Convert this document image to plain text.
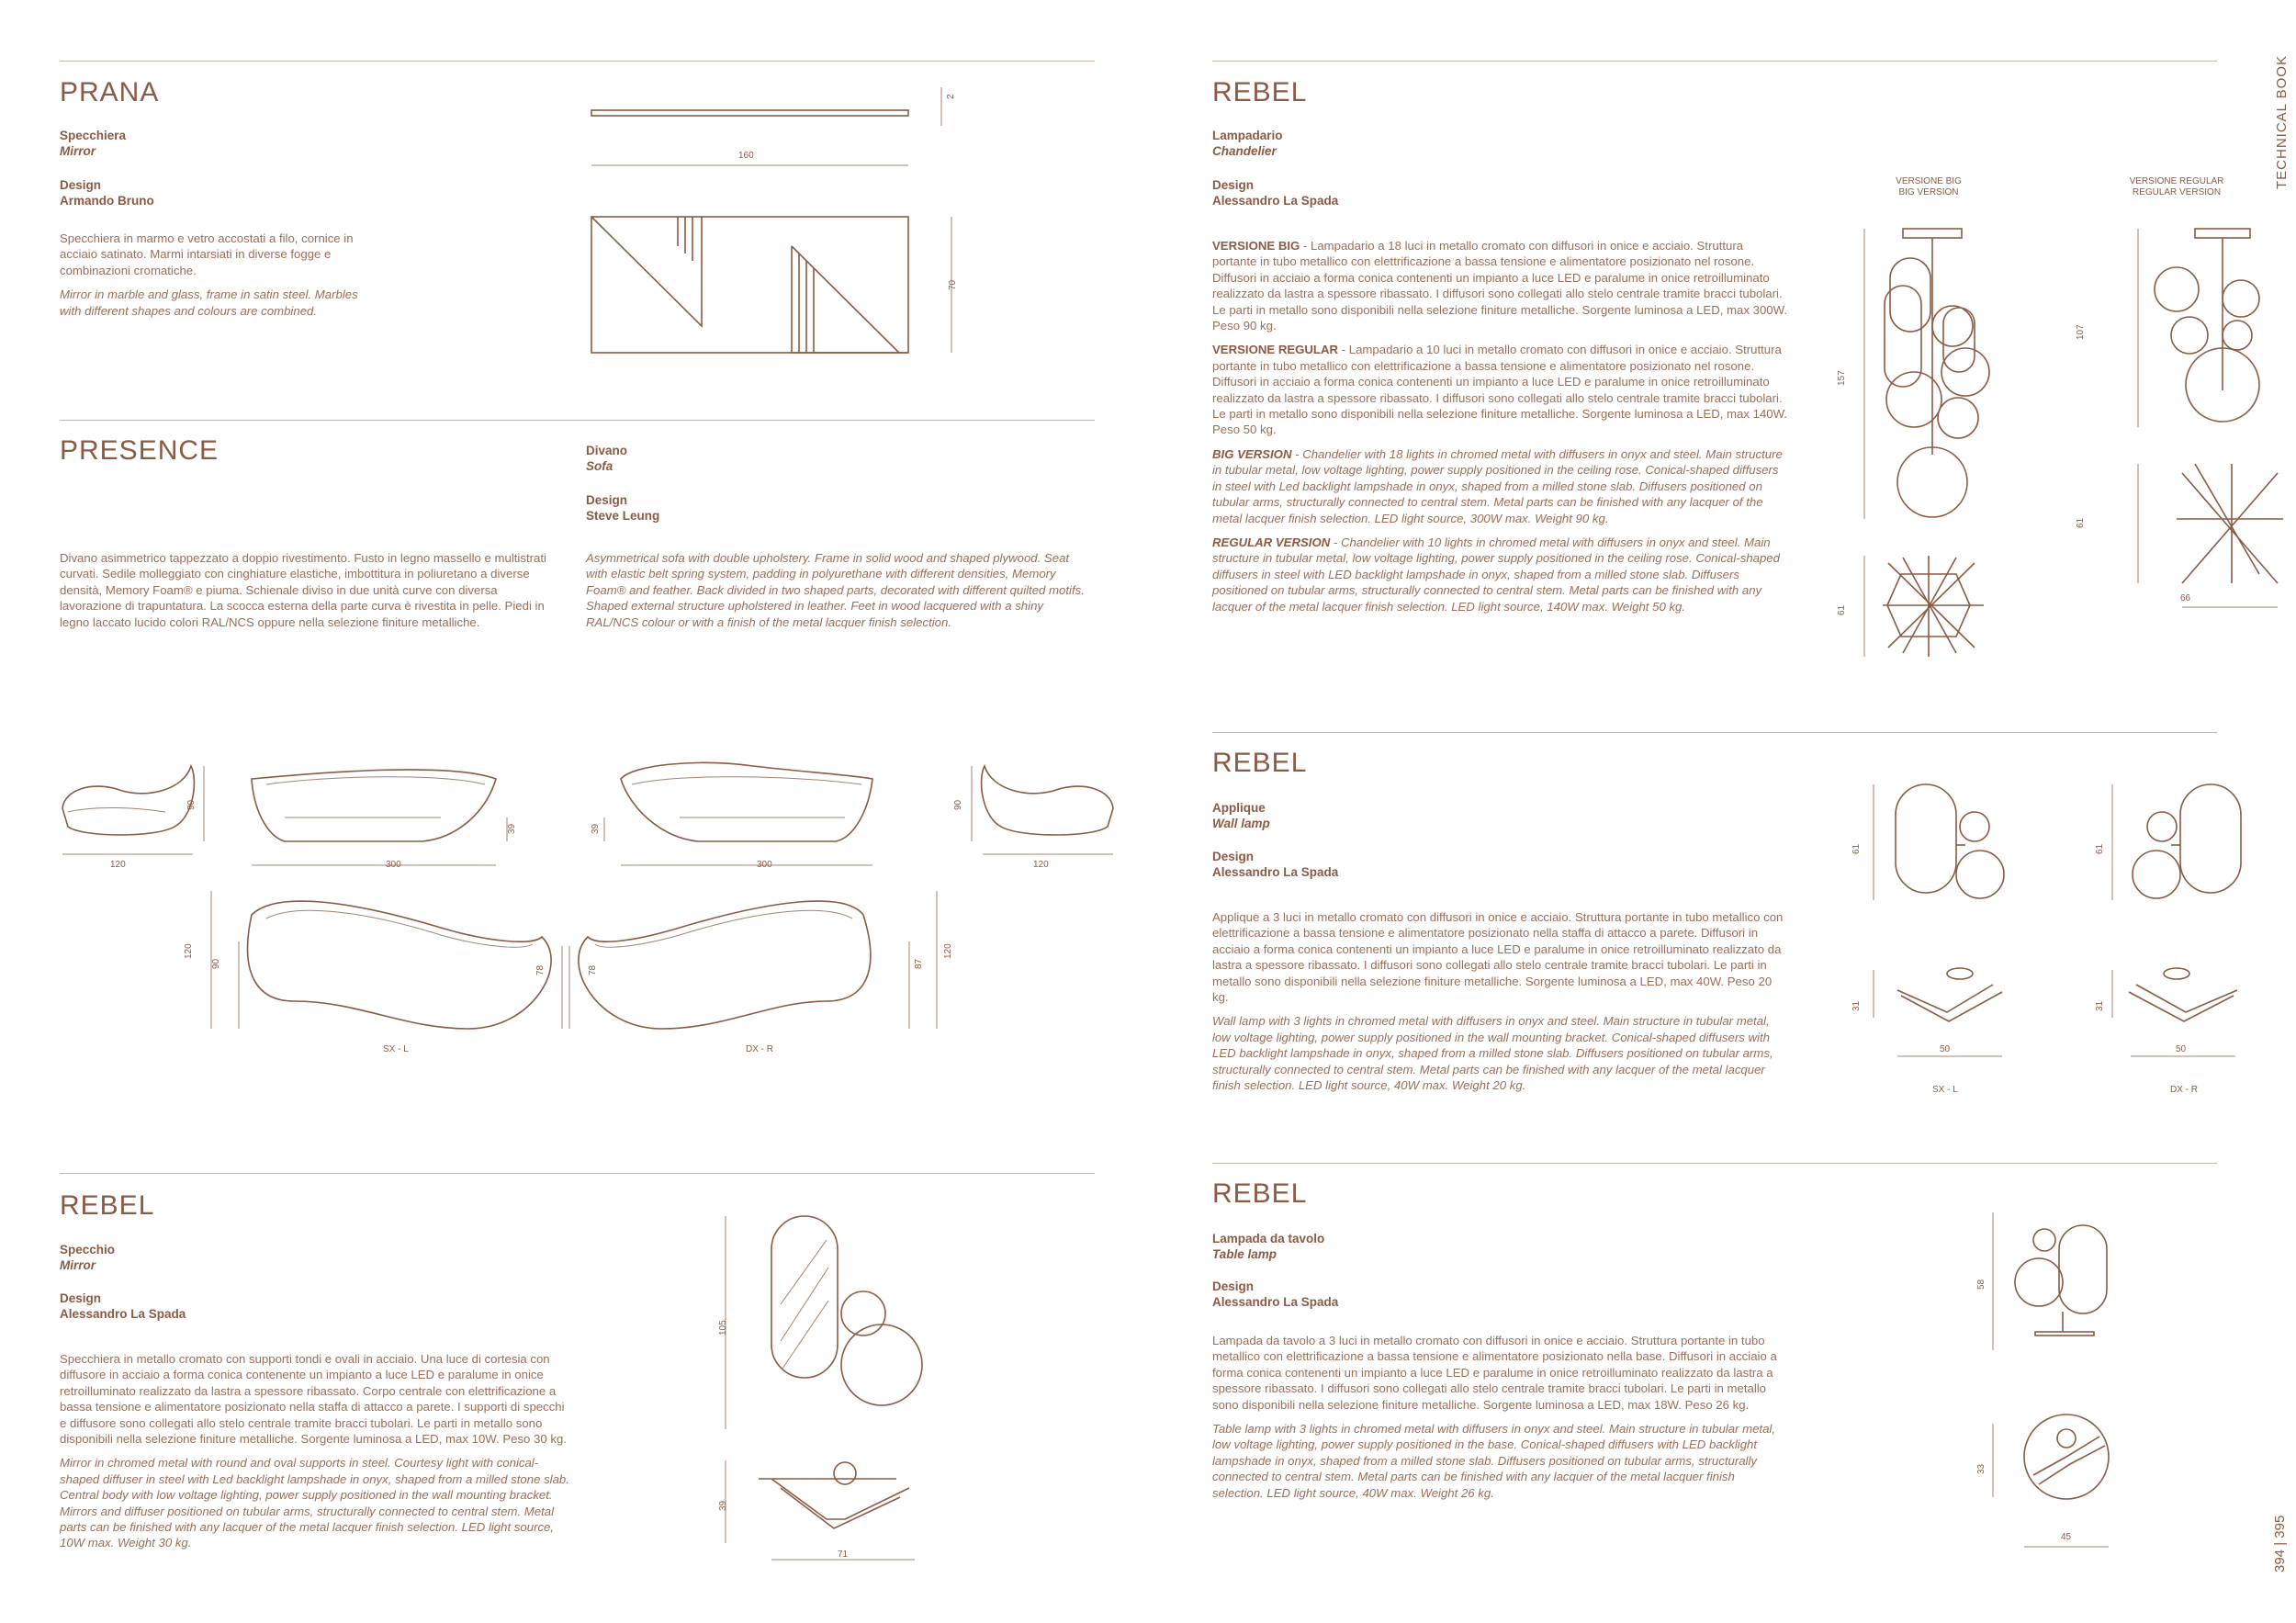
TECHNICAL BOOK
394 | 395
PRANA
Specchiera
Mirror
Design
Armando Bruno

Specchiera in marmo e vetro accostati a filo, cornice in acciaio satinato. Marmi intarsiati in diverse fogge e combinazioni cromatiche.

Mirror in marble and glass, frame in satin steel. Marbles with different shapes and colours are combined.

160
70
2
PRESENCE	Divano
Sofa
Design
Steve Leung
Divano asimmetrico tappezzato a doppio rivestimento. Fusto in legno massello e multistrati curvati. Sedile molleggiato con cinghiature elastiche, imbottitura in poliuretano a diverse densità, Memory Foam® e piuma. Schienale diviso in due unità curve con diversa lavorazione di trapuntatura. La scocca esterna della parte curva è rivestita in pelle. Piedi in legno laccato lucido colori RAL/NCS oppure nella selezione finiture metalliche.
Asymmetrical sofa with double upholstery. Frame in solid wood and shaped plywood. Seat with elastic belt spring system, padding in polyurethane with different densities, Memory Foam® and feather. Back divided in two shaped parts, decorated with different quilted motifs. Shaped external structure upholstered in leather. Feet in wood lacquered with a shiny RAL/NCS colour or with a finish of the metal lacquer finish selection.
120
90
300
39	39
300
90
120
120
90
78	78
87
120
SX - L	DX - R
REBEL
Specchio
Mirror
Design
Alessandro La Spada

Specchiera in metallo cromato con supporti tondi e ovali in acciaio. Una luce di cortesia con diffusore in acciaio a forma conica contenente un impianto a luce LED e paralume in onice retroilluminato realizzato da lastra a spessore ribassato. Corpo centrale con elettrificazione a bassa tensione e alimentatore posizionato nella staffa di attacco a parete. I supporti di specchi e diffusore sono collegati allo stelo centrale tramite bracci tubolari. Le parti in metallo sono disponibili nella selezione finiture metalliche. Sorgente luminosa a LED, max 10W. Peso 30 kg.

Mirror in chromed metal with round and oval supports in steel. Courtesy light with conical-shaped diffuser in steel with Led backlight lampshade in onyx, shaped from a milled stone slab. Central body with low voltage lighting, power supply positioned in the wall mounting bracket. Mirrors and diffuser positioned on tubular arms, structurally connected to central stem. Metal parts can be finished with any lacquer of the metal lacquer finish selection. LED light source, 10W max. Weight 30 kg.

105
39
71
REBEL
Lampadario
Chandelier
Design
Alessandro La Spada

VERSIONE BIG - Lampadario a 18 luci in metallo cromato con diffusori in onice e acciaio. Struttura portante in tubo metallico con elettrificazione a bassa tensione e alimentatore posizionato nel rosone. Diffusori in acciaio a forma conica contenenti un impianto a luce LED e paralume in onice retroilluminato realizzato da lastra a spessore ribassato. I diffusori sono collegati allo stelo centrale tramite bracci tubolari. Le parti in metallo sono disponibili nella selezione finiture metalliche. Sorgente luminosa a LED, max 300W. Peso 90 kg.

VERSIONE REGULAR - Lampadario a 10 luci in metallo cromato con diffusori in onice e acciaio. Struttura portante in tubo metallico con elettrificazione a bassa tensione e alimentatore posizionato nel rosone. Diffusori in acciaio a forma conica contenenti un impianto a luce LED e paralume in onice retroilluminato realizzato da lastra a spessore ribassato. I diffusori sono collegati allo stelo centrale tramite bracci tubolari. Le parti in metallo sono disponibili nella selezione finiture metalliche. Sorgente luminosa a LED, max 140W. Peso 50 kg.

BIG VERSION - Chandelier with 18 lights in chromed metal with diffusers in onyx and steel. Main structure in tubular metal, low voltage lighting, power supply positioned in the ceiling rose. Conical-shaped diffusers in steel with Led backlight lampshade in onyx, shaped from a milled stone slab. Diffusers positioned on tubular arms, structurally connected to central stem. Metal parts can be finished with any lacquer of the metal lacquer finish selection. LED light source, 300W max. Weight 90 kg.

REGULAR VERSION - Chandelier with 10 lights in chromed metal with diffusers in onyx and steel. Main structure in tubular metal, low voltage lighting, power supply positioned in the ceiling rose. Conical-shaped diffusers in steel with LED backlight lampshade in onyx, shaped from a milled stone slab. Diffusers positioned on tubular arms, structurally connected to central stem. Metal parts can be finished with any lacquer of the metal lacquer finish selection. LED light source, 140W max. Weight 50 kg.

VERSIONE BIG
BIG VERSION
VERSIONE REGULAR
REGULAR VERSION
157
61
107
61
66
REBEL
Applique
Wall lamp
Design
Alessandro La Spada

Applique a 3 luci in metallo cromato con diffusori in onice e acciaio. Struttura portante in tubo metallico con elettrificazione a bassa tensione e alimentatore posizionato nella staffa di attacco a parete. Diffusori in acciaio a forma conica contenenti un impianto a luce LED e paralume in onice retroilluminato realizzato da lastra a spessore ribassato. I diffusori sono collegati allo stelo centrale tramite bracci tubolari. Le parti in metallo sono disponibili nella selezione finiture metalliche. Sorgente luminosa a LED, max 40W. Peso 20 kg.

Wall lamp with 3 lights in chromed metal with diffusers in onyx and steel. Main structure in tubular metal, low voltage lighting, power supply positioned in the wall mounting bracket. Conical-shaped diffusers with LED backlight lampshade in onyx, shaped from a milled stone slab. Diffusers positioned on tubular arms, structurally connected to central stem. Metal parts can be finished with any lacquer of the metal lacquer finish selection. LED light source, 40W max. Weight 20 kg.

61
31
50
SX - L
61
31
50
DX - R
REBEL
Lampada da tavolo
Table lamp
Design
Alessandro La Spada

Lampada da tavolo a 3 luci in metallo cromato con diffusori in onice e acciaio. Struttura portante in tubo metallico con elettrificazione a bassa tensione e alimentatore posizionato nella base. Diffusori in acciaio a forma conica contenenti un impianto a luce LED e paralume in onice retroilluminato realizzato da lastra a spessore ribassato. I diffusori sono collegati allo stelo centrale tramite bracci tubolari. Le parti in metallo sono disponibili nella selezione finiture metalliche. Sorgente luminosa a LED, max 18W. Peso 26 kg.

Table lamp with 3 lights in chromed metal with diffusers in onyx and steel. Main structure in tubular metal, low voltage lighting, power supply positioned in the base. Conical-shaped diffusers with LED backlight lampshade in onyx, shaped from a milled stone slab. Diffusers positioned on tubular arms, structurally connected to central stem. Metal parts can be finished with any lacquer of the metal lacquer finish selection. LED light source, 40W max. Weight 26 kg.

58
33
45
